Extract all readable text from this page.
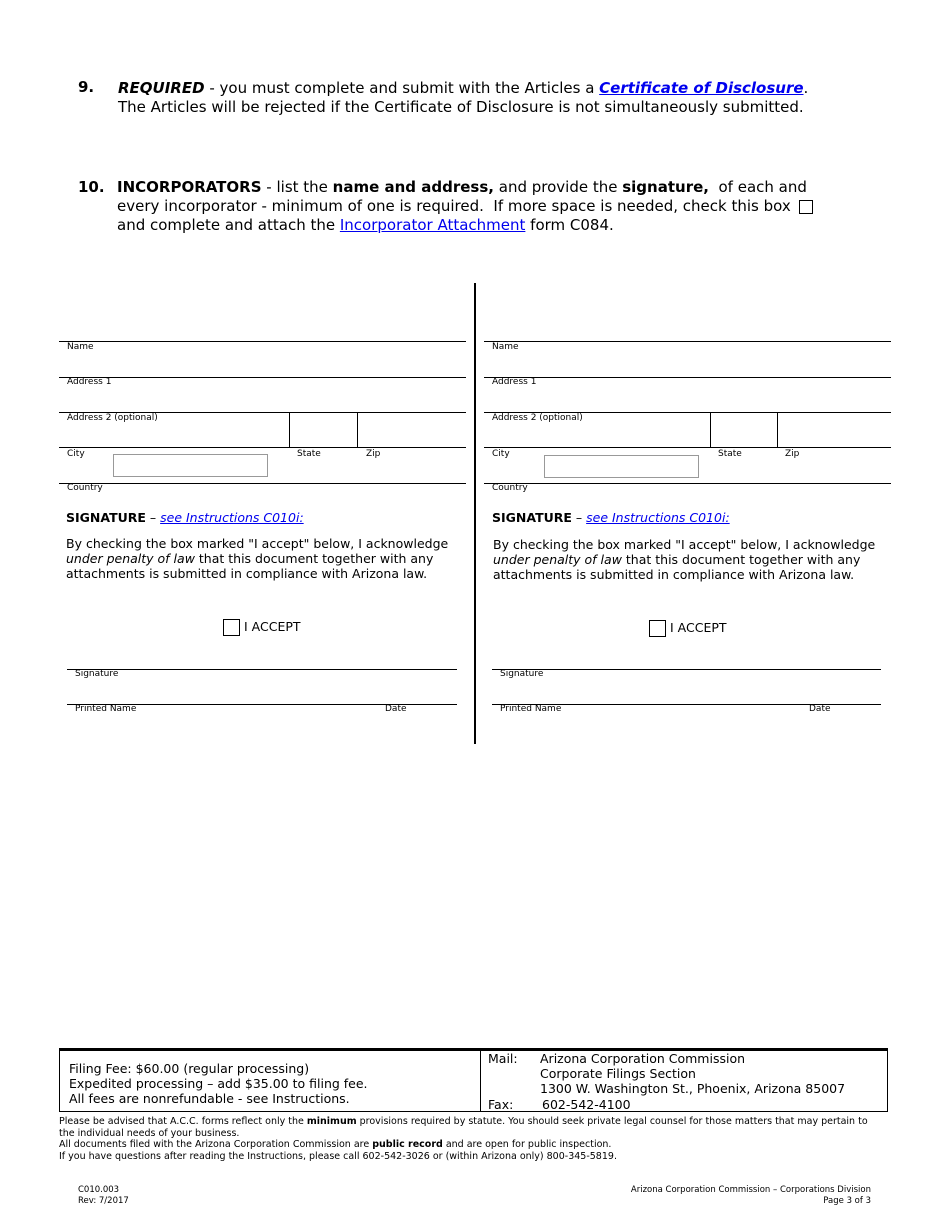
9. REQUIRED - you must complete and submit with the Articles a Certificate of Disclosure.
The Articles will be rejected if the Certificate of Disclosure is not simultaneously submitted.
10. INCORPORATORS - list the name and address, and provide the signature,  of each and
every incorporator - minimum of one is required.  If more space is needed, check this box
and complete and attach the Incorporator Attachment form C084.
Name
Address 1
Address 2 (optional)
City	State	Zip
Country
SIGNATURE – see Instructions C010i:
By checking the box marked "I accept" below, I acknowledge
under penalty of law that this document together with any
attachments is submitted in compliance with Arizona law.
I ACCEPT
Signature
Printed Name	Date
Name
Address 1
Address 2 (optional)
City	State	Zip
Country
SIGNATURE – see Instructions C010i:
By checking the box marked "I accept" below, I acknowledge
under penalty of law that this document together with any
attachments is submitted in compliance with Arizona law.
I ACCEPT
Signature
Printed Name	Date
Filing Fee: $60.00 (regular processing)
Expedited processing – add $35.00 to filing fee.
All fees are nonrefundable - see Instructions.
Mail: Arizona Corporation Commission
Corporate Filings Section
1300 W. Washington St., Phoenix, Arizona 85007
Fax: 602-542-4100
Please be advised that A.C.C. forms reflect only the minimum provisions required by statute. You should seek private legal counsel for those matters that may pertain to
the individual needs of your business.
All documents filed with the Arizona Corporation Commission are public record and are open for public inspection.
If you have questions after reading the Instructions, please call 602-542-3026 or (within Arizona only) 800-345-5819.
C010.003
Rev: 7/2017
Arizona Corporation Commission – Corporations Division
Page 3 of 3
